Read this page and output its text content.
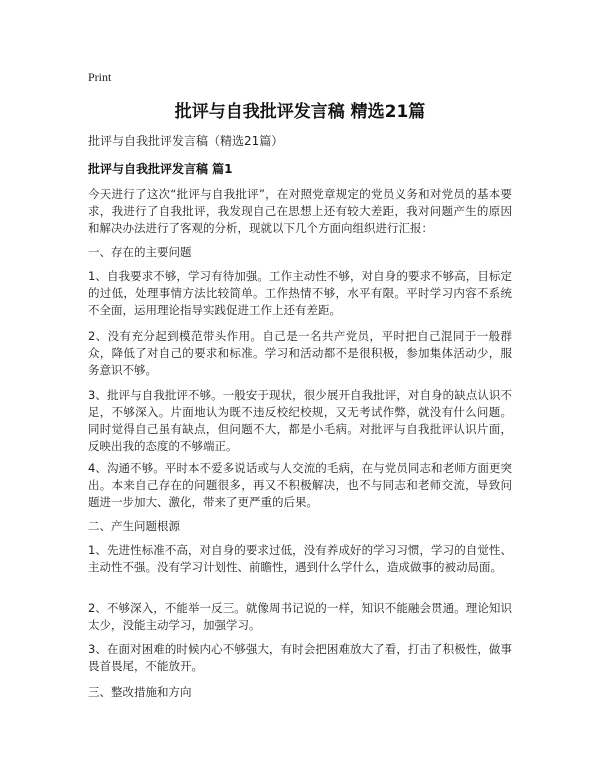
Print
批评与自我批评发言稿 精选21篇
批评与自我批评发言稿（精选21篇）
批评与自我批评发言稿 篇1
今天进行了这次“批评与自我批评”，在对照党章规定的党员义务和对党员的基本要求，我进行了自我批评，我发现自己在思想上还有较大差距，我对问题产生的原因和解决办法进行了客观的分析，现就以下几个方面向组织进行汇报：
一、存在的主要问题
1、自我要求不够，学习有待加强。工作主动性不够，对自身的要求不够高，目标定的过低，处理事情方法比较简单。工作热情不够，水平有限。平时学习内容不系统不全面，运用理论指导实践促进工作上还有差距。
2、没有充分起到模范带头作用。自己是一名共产党员，平时把自己混同于一般群众，降低了对自己的要求和标准。学习和活动都不是很积极，参加集体活动少，服务意识不够。
3、批评与自我批评不够。一般安于现状，很少展开自我批评，对自身的缺点认识不足，不够深入。片面地认为既不违反校纪校规，又无考试作弊，就没有什么问题。同时觉得自己虽有缺点，但问题不大，都是小毛病。对批评与自我批评认识片面，反映出我的态度的不够端正。
4、沟通不够。平时本不爱多说话或与人交流的毛病，在与党员同志和老师方面更突出。本来自己存在的问题很多，再又不积极解决，也不与同志和老师交流，导致问题进一步加大、激化，带来了更严重的后果。
二、产生问题根源
1、先进性标准不高，对自身的要求过低，没有养成好的学习习惯，学习的自觉性、主动性不强。没有学习计划性、前瞻性，遇到什么学什么，造成做事的被动局面。
2、不够深入，不能举一反三。就像周书记说的一样，知识不能融会贯通。理论知识太少，没能主动学习，加强学习。
3、在面对困难的时候内心不够强大，有时会把困难放大了看，打击了积极性，做事畏首畏尾，不能放开。
三、整改措施和方向
